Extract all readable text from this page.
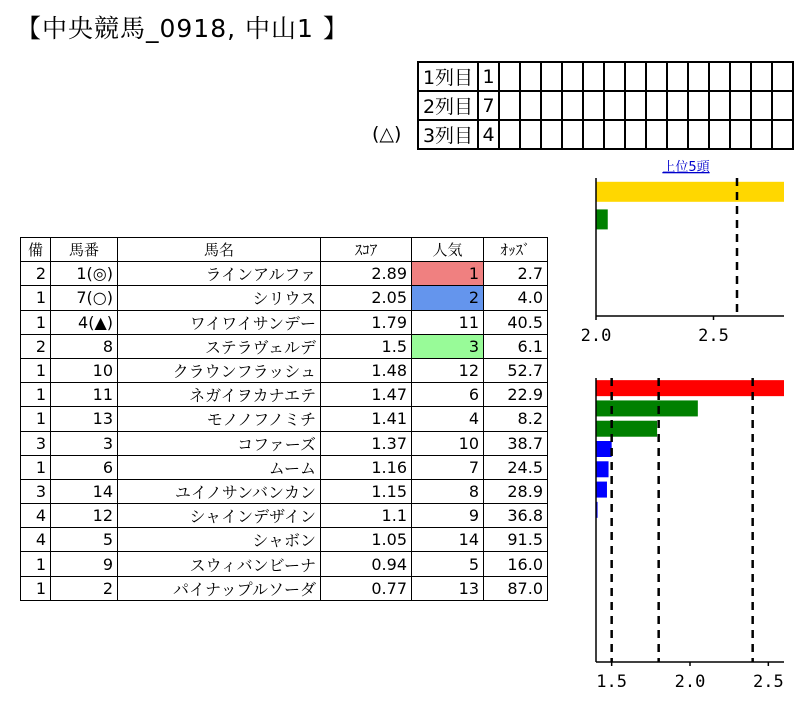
【中央競馬_0918, 中山1 】
1列目	1														
2列目	7														
3列目	4														
(△)
備	馬番	馬名	ｽｺｱ	人気	ｵｯｽﾞ
2	1(◎)	ラインアルファ	2.89	1	2.7
1	7(○)	シリウス	2.05	2	4.0
1	4(▲)	ワイワイサンデー	1.79	11	40.5
2	8	ステラヴェルデ	1.5	3	6.1
1	10	クラウンフラッシュ	1.48	12	52.7
1	11	ネガイヲカナエテ	1.47	6	22.9
1	13	モノノフノミチ	1.41	4	8.2
3	3	コファーズ	1.37	10	38.7
1	6	ムーム	1.16	7	24.5
3	14	ユイノサンバンカン	1.15	8	28.9
4	12	シャインデザイン	1.1	9	36.8
4	5	シャボン	1.05	14	91.5
1	9	スウィバンビーナ	0.94	5	16.0
1	2	パイナップルソーダ	0.77	13	87.0
2.0	2.5
上位5頭
1.5	2.0	2.5
